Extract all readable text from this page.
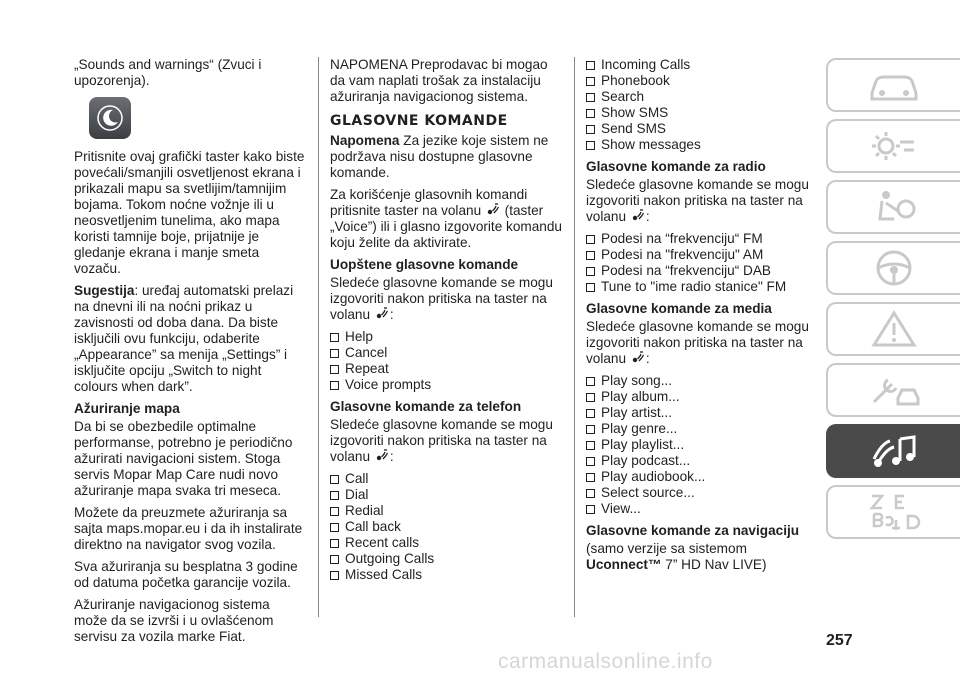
„Sounds and warnings“ (Zvuci i upozorenja).

Pritisnite ovaj grafički taster kako biste povećali/smanjili osvetljenost ekrana i prikazali mapu sa svetlijim/tamnijim bojama. Tokom noćne vožnje ili u neosvetljenim tunelima, ako mapa koristi tamnije boje, prijatnije je gledanje ekrana i manje smeta vozaču.

Sugestija: uređaj automatski prelazi na dnevni ili na noćni prikaz u zavisnosti od doba dana. Da biste isključili ovu funkciju, odaberite „Appearance” sa menija „Settings” i isključite opciju „Switch to night colours when dark”.

Ažuriranje mapa

Da bi se obezbedile optimalne performanse, potrebno je periodično ažurirati navigacioni sistem. Stoga servis Mopar Map Care nudi novo ažuriranje mapa svaka tri meseca.

Možete da preuzmete ažuriranja sa sajta maps.mopar.eu i da ih instalirate direktno na navigator svog vozila.

Sva ažuriranja su besplatna 3 godine od datuma početka garancije vozila.

Ažuriranje navigacionog sistema može da se izvrši i u ovlašćenom servisu za vozila marke Fiat.

NAPOMENA Preprodavac bi mogao da vam naplati trošak za instalaciju ažuriranja navigacionog sistema.

GLASOVNE KOMANDE

Napomena Za jezike koje sistem ne podržava nisu dostupne glasovne komande.

Za korišćenje glasovnih komandi pritisnite taster na volanu  (taster „Voice”) ili i glasno izgovorite komandu koju želite da aktivirate.

Uopštene glasovne komande

Sledeće glasovne komande se mogu izgovoriti nakon pritiska na taster na volanu :

Help
Cancel
Repeat
Voice prompts
Glasovne komande za telefon

Sledeće glasovne komande se mogu izgovoriti nakon pritiska na taster na volanu :

Call
Dial
Redial
Call back
Recent calls
Outgoing Calls
Missed Calls
Incoming Calls
Phonebook
Search
Show SMS
Send SMS
Show messages
Glasovne komande za radio

Sledeće glasovne komande se mogu izgovoriti nakon pritiska na taster na volanu :

Podesi na “frekvenciju“ FM
Podesi na "frekvenciju" AM
Podesi na “frekvenciju“ DAB
Tune to "ime radio stanice" FM
Glasovne komande za media

Sledeće glasovne komande se mogu izgovoriti nakon pritiska na taster na volanu :

Play song...
Play album...
Play artist...
Play genre...
Play playlist...
Play podcast...
Play audiobook...
Select source...
View...
Glasovne komande za navigaciju

(samo verzije sa sistemom
Uconnect™ 7” HD Nav LIVE)

257
carmanualsonline.info
